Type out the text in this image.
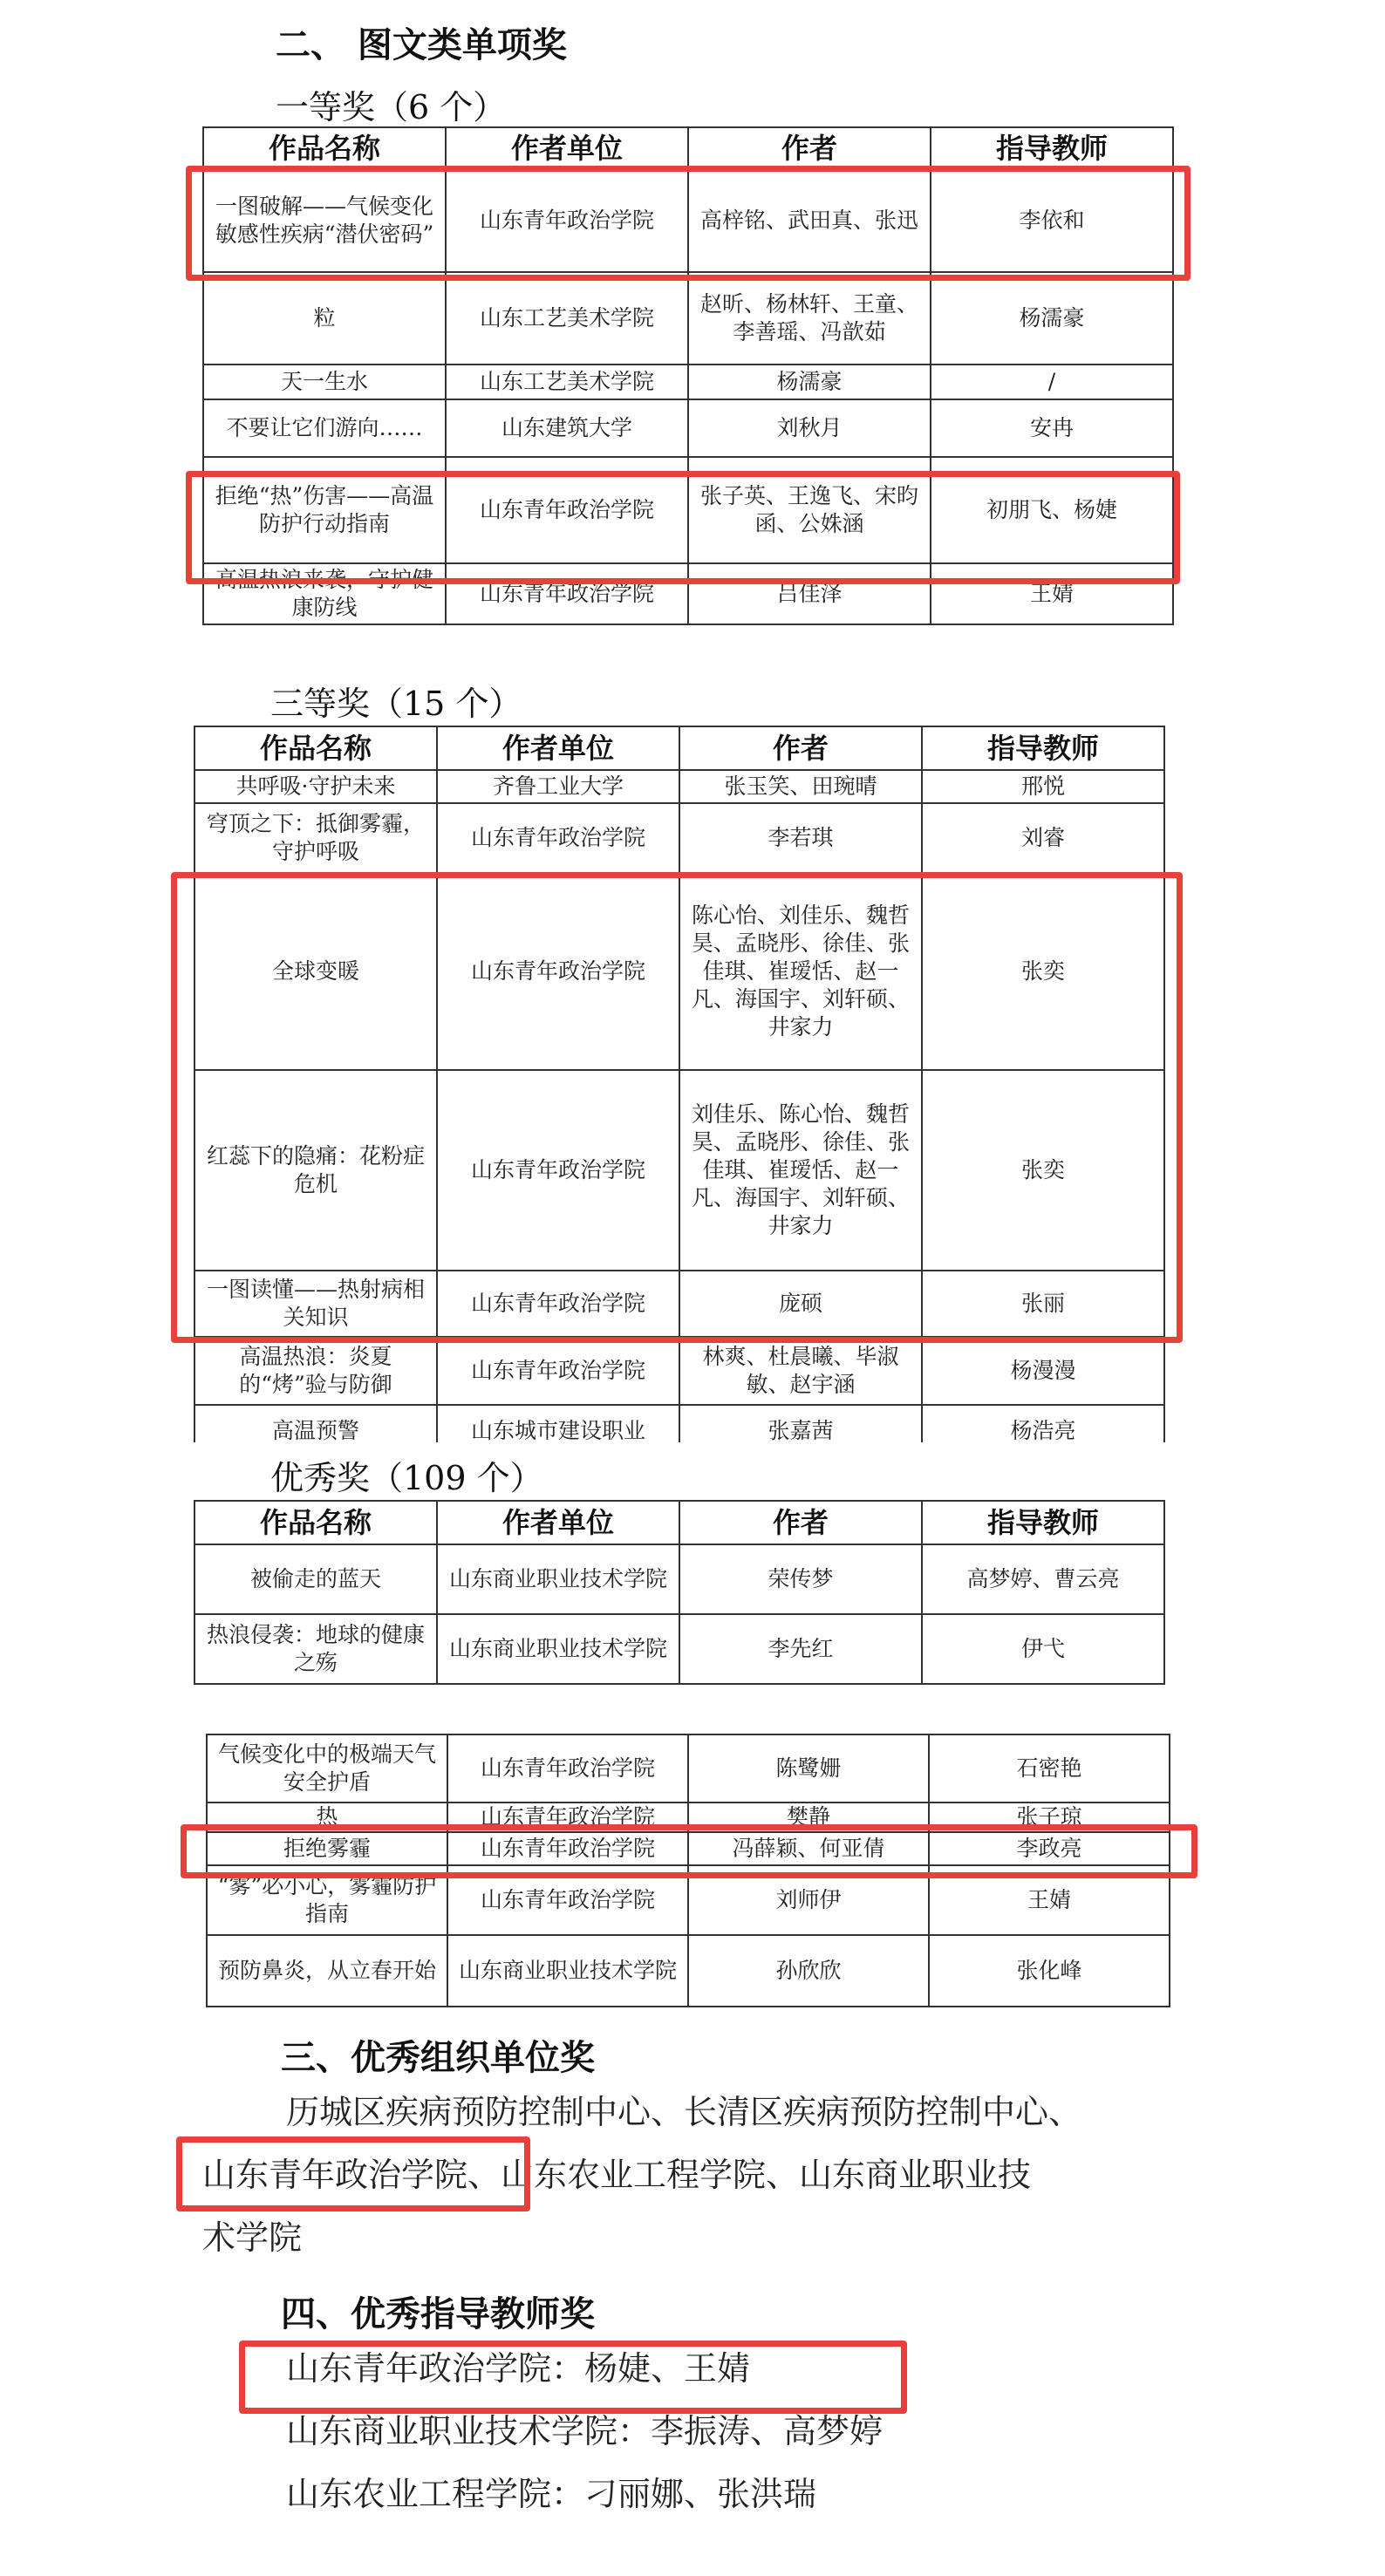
二、 图文类单项奖
一等奖（6 个）
作品名称	作者单位	作者	指导教师
一图破解——气候变化敏感性疾病“潜伏密码”	山东青年政治学院	高梓铭、武田真、张迅	李依和
粒	山东工艺美术学院	赵昕、杨林轩、王童、李善瑶、冯歆茹	杨濡豪
天一生水	山东工艺美术学院	杨濡豪	/
不要让它们游向……	山东建筑大学	刘秋月	安冉
拒绝“热”伤害——高温防护行动指南	山东青年政治学院	张子英、王逸飞、宋昀函、公姝涵	初朋飞、杨婕
高温热浪来袭，守护健康防线	山东青年政治学院	吕佳泽	王婧
三等奖（15 个）
作品名称	作者单位	作者	指导教师
共呼吸·守护未来	齐鲁工业大学	张玉笑、田琬晴	邢悦
穹顶之下：抵御雾霾，守护呼吸	山东青年政治学院	李若琪	刘睿
全球变暖	山东青年政治学院	陈心怡、刘佳乐、魏哲昊、孟晓彤、徐佳、张佳琪、崔瑷恬、赵一凡、海国宇、刘轩硕、井家力	张奕
红蕊下的隐痛：花粉症危机	山东青年政治学院	刘佳乐、陈心怡、魏哲昊、孟晓彤、徐佳、张佳琪、崔瑷恬、赵一凡、海国宇、刘轩硕、井家力	张奕
一图读懂——热射病相关知识	山东青年政治学院	庞硕	张丽
高温热浪：炎夏的“烤”验与防御	山东青年政治学院	林爽、杜晨曦、毕淑敏、赵宇涵	杨漫漫
高温预警	山东城市建设职业	张嘉茜	杨浩亮
优秀奖（109 个）
作品名称	作者单位	作者	指导教师
被偷走的蓝天	山东商业职业技术学院	荣传梦	高梦婷、曹云亮
热浪侵袭：地球的健康之殇	山东商业职业技术学院	李先红	伊弋
气候变化中的极端天气安全护盾	山东青年政治学院	陈鹭姗	石密艳
热	山东青年政治学院	樊静	张子琼
拒绝雾霾	山东青年政治学院	冯薛颖、何亚倩	李政亮
“雾”必小心，雾霾防护指南	山东青年政治学院	刘师伊	王婧
预防鼻炎，从立春开始	山东商业职业技术学院	孙欣欣	张化峰
三、优秀组织单位奖
历城区疾病预防控制中心、长清区疾病预防控制中心、
山东青年政治学院、山东农业工程学院、山东商业职业技
术学院
四、优秀指导教师奖
山东青年政治学院：杨婕、王婧
山东商业职业技术学院：李振涛、高梦婷
山东农业工程学院：刁丽娜、张洪瑞
